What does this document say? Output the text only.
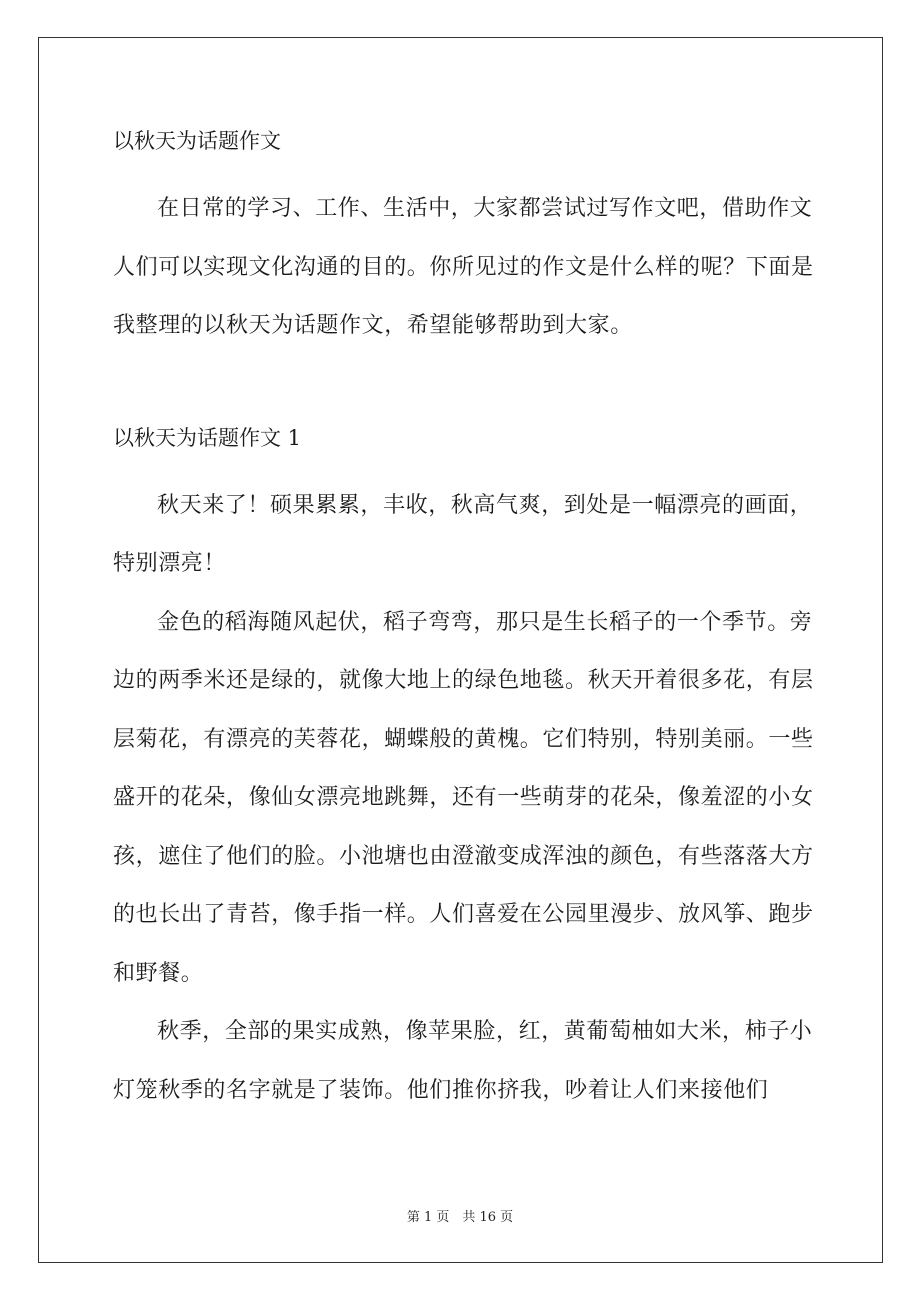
以秋天为话题作文

在日常的学习、工作、生活中，大家都尝试过写作文吧，借助作文人们可以实现文化沟通的目的。你所见过的作文是什么样的呢？下面是我整理的以秋天为话题作文，希望能够帮助到大家。

以秋天为话题作文 1

秋天来了！硕果累累，丰收，秋高气爽，到处是一幅漂亮的画面，特别漂亮！

金色的稻海随风起伏，稻子弯弯，那只是生长稻子的一个季节。旁边的两季米还是绿的，就像大地上的绿色地毯。秋天开着很多花，有层层菊花，有漂亮的芙蓉花，蝴蝶般的黄槐。它们特别，特别美丽。一些盛开的花朵，像仙女漂亮地跳舞，还有一些萌芽的花朵，像羞涩的小女孩，遮住了他们的脸。小池塘也由澄澈变成浑浊的颜色，有些落落大方的也长出了青苔，像手指一样。人们喜爱在公园里漫步、放风筝、跑步和野餐。

秋季，全部的果实成熟，像苹果脸，红，黄葡萄柚如大米，柿子小灯笼秋季的名字就是了装饰。他们推你挤我，吵着让人们来接他们

第 1 页　共 16 页
